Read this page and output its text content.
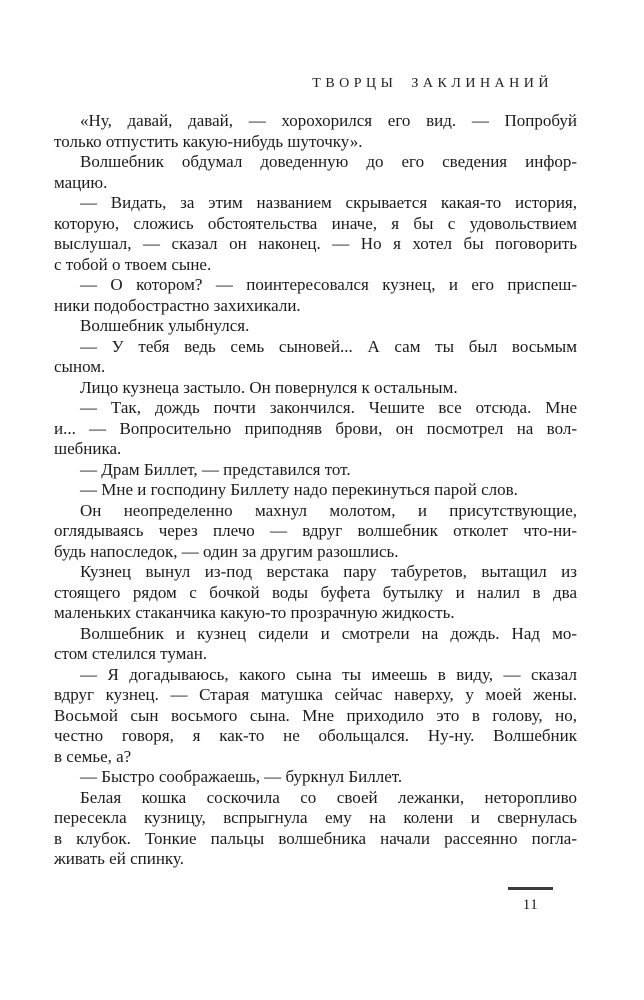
ТВОРЦЫ ЗАКЛИНАНИЙ
«Ну, давай, давай, — хорохорился его вид. — Попробуй
только отпустить какую-нибудь шуточку».
Волшебник обдумал доведенную до его сведения инфор-
мацию.
— Видать, за этим названием скрывается какая-то история,
которую, сложись обстоятельства иначе, я бы с удовольствием
выслушал, — сказал он наконец. — Но я хотел бы поговорить
с тобой о твоем сыне.
— О котором? — поинтересовался кузнец, и его приспеш-
ники подобострастно захихикали.
Волшебник улыбнулся.
— У тебя ведь семь сыновей... А сам ты был восьмым
сыном.
Лицо кузнеца застыло. Он повернулся к остальным.
— Так, дождь почти закончился. Чешите все отсюда. Мне
и... — Вопросительно приподняв брови, он посмотрел на вол-
шебника.
— Драм Биллет, — представился тот.
— Мне и господину Биллету надо перекинуться парой слов.
Он неопределенно махнул молотом, и присутствующие,
оглядываясь через плечо — вдруг волшебник отколет что-ни-
будь напоследок, — один за другим разошлись.
Кузнец вынул из-под верстака пару табуретов, вытащил из
стоящего рядом с бочкой воды буфета бутылку и налил в два
маленьких стаканчика какую-то прозрачную жидкость.
Волшебник и кузнец сидели и смотрели на дождь. Над мо-
стом стелился туман.
— Я догадываюсь, какого сына ты имеешь в виду, — сказал
вдруг кузнец. — Старая матушка сейчас наверху, у моей жены.
Восьмой сын восьмого сына. Мне приходило это в голову, но,
честно говоря, я как-то не обольщался. Ну-ну. Волшебник
в семье, а?
— Быстро соображаешь, — буркнул Биллет.
Белая кошка соскочила со своей лежанки, неторопливо
пересекла кузницу, вспрыгнула ему на колени и свернулась
в клубок. Тонкие пальцы волшебника начали рассеянно погла-
живать ей спинку.
11
